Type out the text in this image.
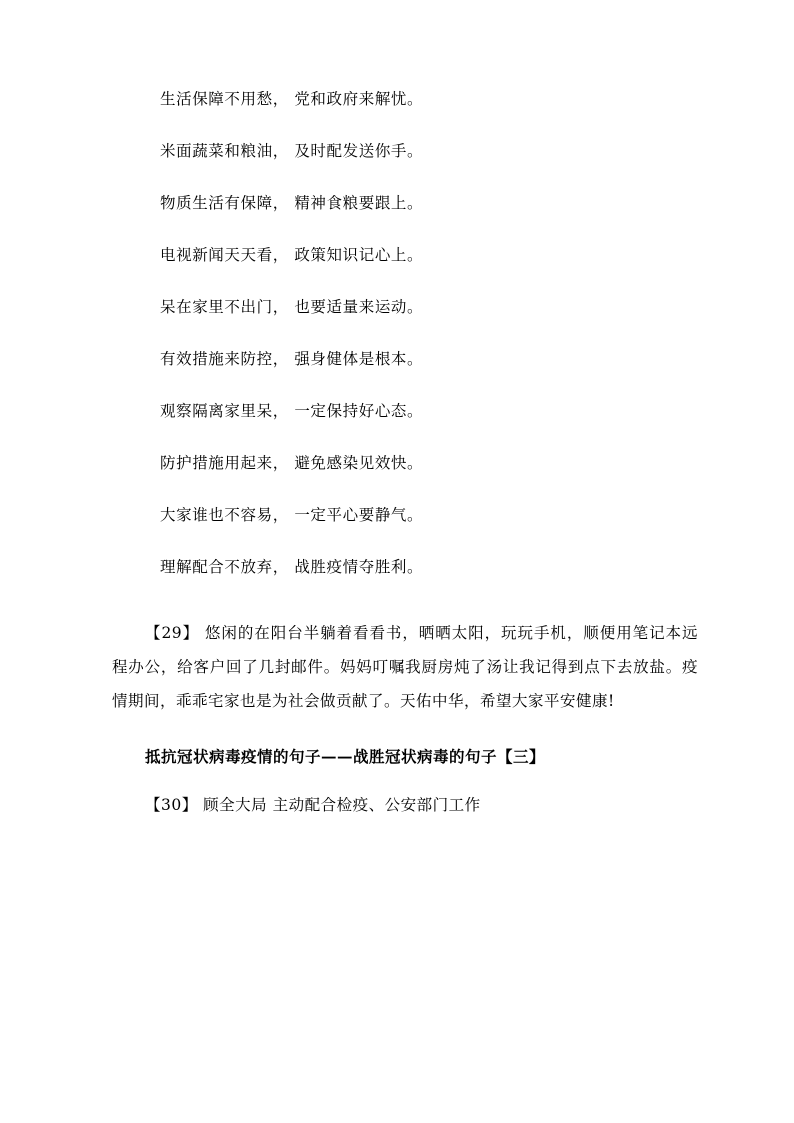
生活保障不用愁， 党和政府来解忧。

米面蔬菜和粮油， 及时配发送你手。

物质生活有保障， 精神食粮要跟上。

电视新闻天天看， 政策知识记心上。

呆在家里不出门， 也要适量来运动。

有效措施来防控， 强身健体是根本。

观察隔离家里呆， 一定保持好心态。

防护措施用起来， 避免感染见效快。

大家谁也不容易， 一定平心要静气。

理解配合不放弃， 战胜疫情夺胜利。

【29】 悠闲的在阳台半躺着看看书，晒晒太阳，玩玩手机，顺便用笔记本远程办公，给客户回了几封邮件。妈妈叮嘱我厨房炖了汤让我记得到点下去放盐。疫情期间，乖乖宅家也是为社会做贡献了。天佑中华，希望大家平安健康!

抵抗冠状病毒疫情的句子——战胜冠状病毒的句子【三】

【30】 顾全大局 主动配合检疫、公安部门工作
